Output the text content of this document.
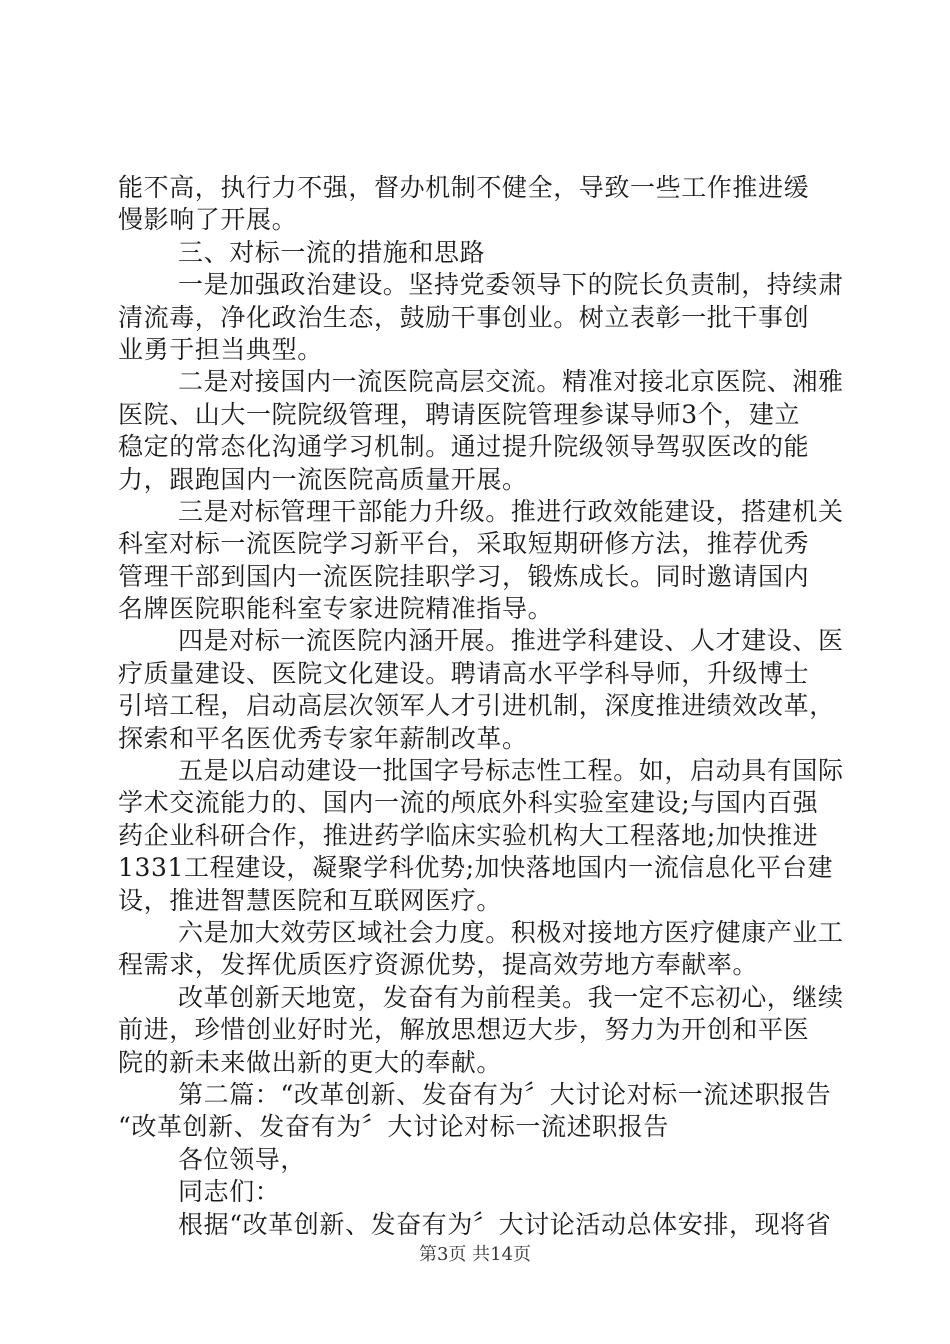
能不高，执行力不强，督办机制不健全，导致一些工作推进缓
慢影响了开展。
三、对标一流的措施和思路
一是加强政治建设。坚持党委领导下的院长负责制，持续肃
清流毒，净化政治生态，鼓励干事创业。树立表彰一批干事创
业勇于担当典型。
二是对接国内一流医院高层交流。精准对接北京医院、湘雅
医院、山大一院院级管理，聘请医院管理参谋导师3个，建立
稳定的常态化沟通学习机制。通过提升院级领导驾驭医改的能
力，跟跑国内一流医院高质量开展。
三是对标管理干部能力升级。推进行政效能建设，搭建机关
科室对标一流医院学习新平台，采取短期研修方法，推荐优秀
管理干部到国内一流医院挂职学习，锻炼成长。同时邀请国内
名牌医院职能科室专家进院精准指导。
四是对标一流医院内涵开展。推进学科建设、人才建设、医
疗质量建设、医院文化建设。聘请高水平学科导师，升级博士
引培工程，启动高层次领军人才引进机制，深度推进绩效改革，
探索和平名医优秀专家年薪制改革。
五是以启动建设一批国字号标志性工程。如，启动具有国际
学术交流能力的、国内一流的颅底外科实验室建设;与国内百强
药企业科研合作，推进药学临床实验机构大工程落地;加快推进
1331工程建设，凝聚学科优势;加快落地国内一流信息化平台建
设，推进智慧医院和互联网医疗。
六是加大效劳区域社会力度。积极对接地方医疗健康产业工
程需求，发挥优质医疗资源优势，提高效劳地方奉献率。
改革创新天地宽，发奋有为前程美。我一定不忘初心，继续
前进，珍惜创业好时光，解放思想迈大步，努力为开创和平医
院的新未来做出新的更大的奉献。
第二篇：“改革创新、发奋有为〞大讨论对标一流述职报告
“改革创新、发奋有为〞大讨论对标一流述职报告
各位领导，
同志们：
根据“改革创新、发奋有为〞大讨论活动总体安排，现将省
第3页 共14页
